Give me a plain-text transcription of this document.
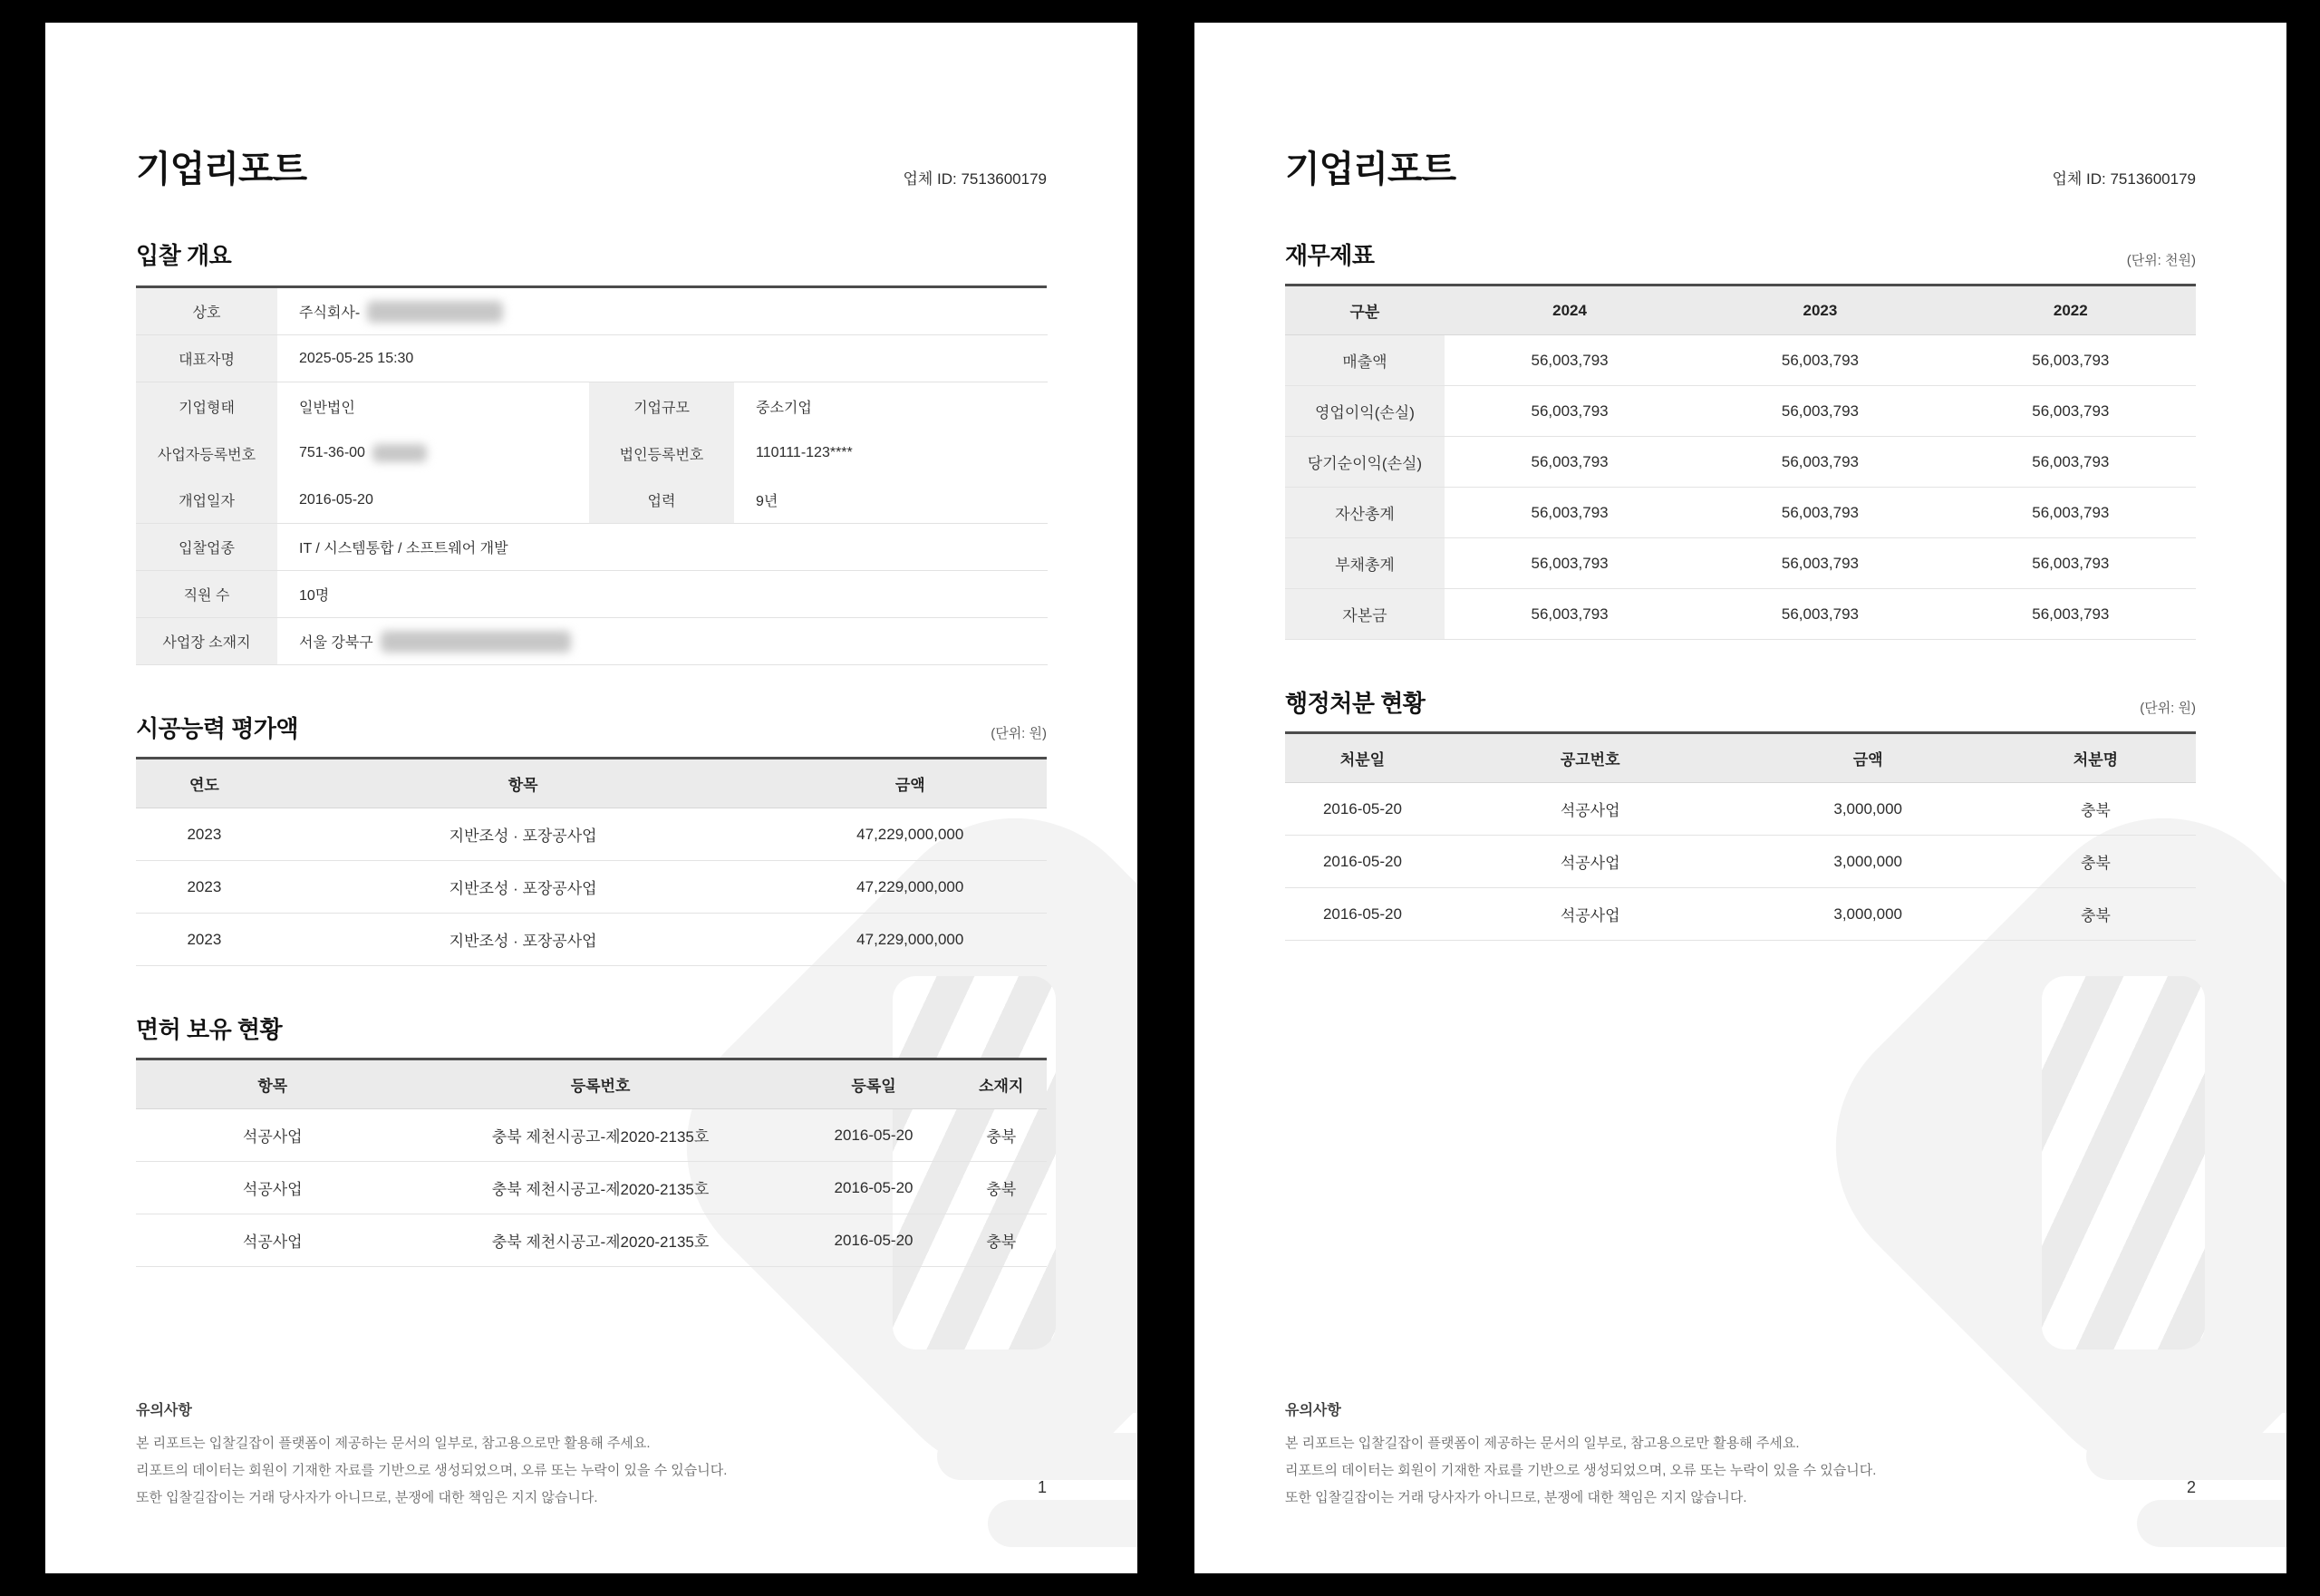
기업리포트	업체 ID: 7513600179
입찰 개요
상호	주식회사-
대표자명	2025-05-25 15:30
기업형태	일반법인	기업규모	중소기업
사업자등록번호	751-36-00	법인등록번호	110111-123****
개업일자	2016-05-20	업력	9년
입찰업종	IT / 시스템통합 / 소프트웨어 개발
직원 수	10명
사업장 소재지	서울 강북구
시공능력 평가액	(단위: 원)
연도	항목	금액
2023	지반조성 · 포장공사업	47,229,000,000
2023	지반조성 · 포장공사업	47,229,000,000
2023	지반조성 · 포장공사업	47,229,000,000
면허 보유 현황
항목	등록번호	등록일	소재지
석공사업	충북 제천시공고-제2020-2135호	2016-05-20	충북
석공사업	충북 제천시공고-제2020-2135호	2016-05-20	충북
석공사업	충북 제천시공고-제2020-2135호	2016-05-20	충북
유의사항
본 리포트는 입찰길잡이 플랫폼이 제공하는 문서의 일부로, 참고용으로만 활용해 주세요.
리포트의 데이터는 회원이 기재한 자료를 기반으로 생성되었으며, 오류 또는 누락이 있을 수 있습니다.
또한 입찰길잡이는 거래 당사자가 아니므로, 분쟁에 대한 책임은 지지 않습니다.
1
기업리포트	업체 ID: 7513600179
재무제표	(단위: 천원)
구분	2024	2023	2022
매출액	56,003,793	56,003,793	56,003,793
영업이익(손실)	56,003,793	56,003,793	56,003,793
당기순이익(손실)	56,003,793	56,003,793	56,003,793
자산총계	56,003,793	56,003,793	56,003,793
부채총계	56,003,793	56,003,793	56,003,793
자본금	56,003,793	56,003,793	56,003,793
행정처분 현황	(단위: 원)
처분일	공고번호	금액	처분명
2016-05-20	석공사업	3,000,000	충북
2016-05-20	석공사업	3,000,000	충북
2016-05-20	석공사업	3,000,000	충북
유의사항
본 리포트는 입찰길잡이 플랫폼이 제공하는 문서의 일부로, 참고용으로만 활용해 주세요.
리포트의 데이터는 회원이 기재한 자료를 기반으로 생성되었으며, 오류 또는 누락이 있을 수 있습니다.
또한 입찰길잡이는 거래 당사자가 아니므로, 분쟁에 대한 책임은 지지 않습니다.
2
